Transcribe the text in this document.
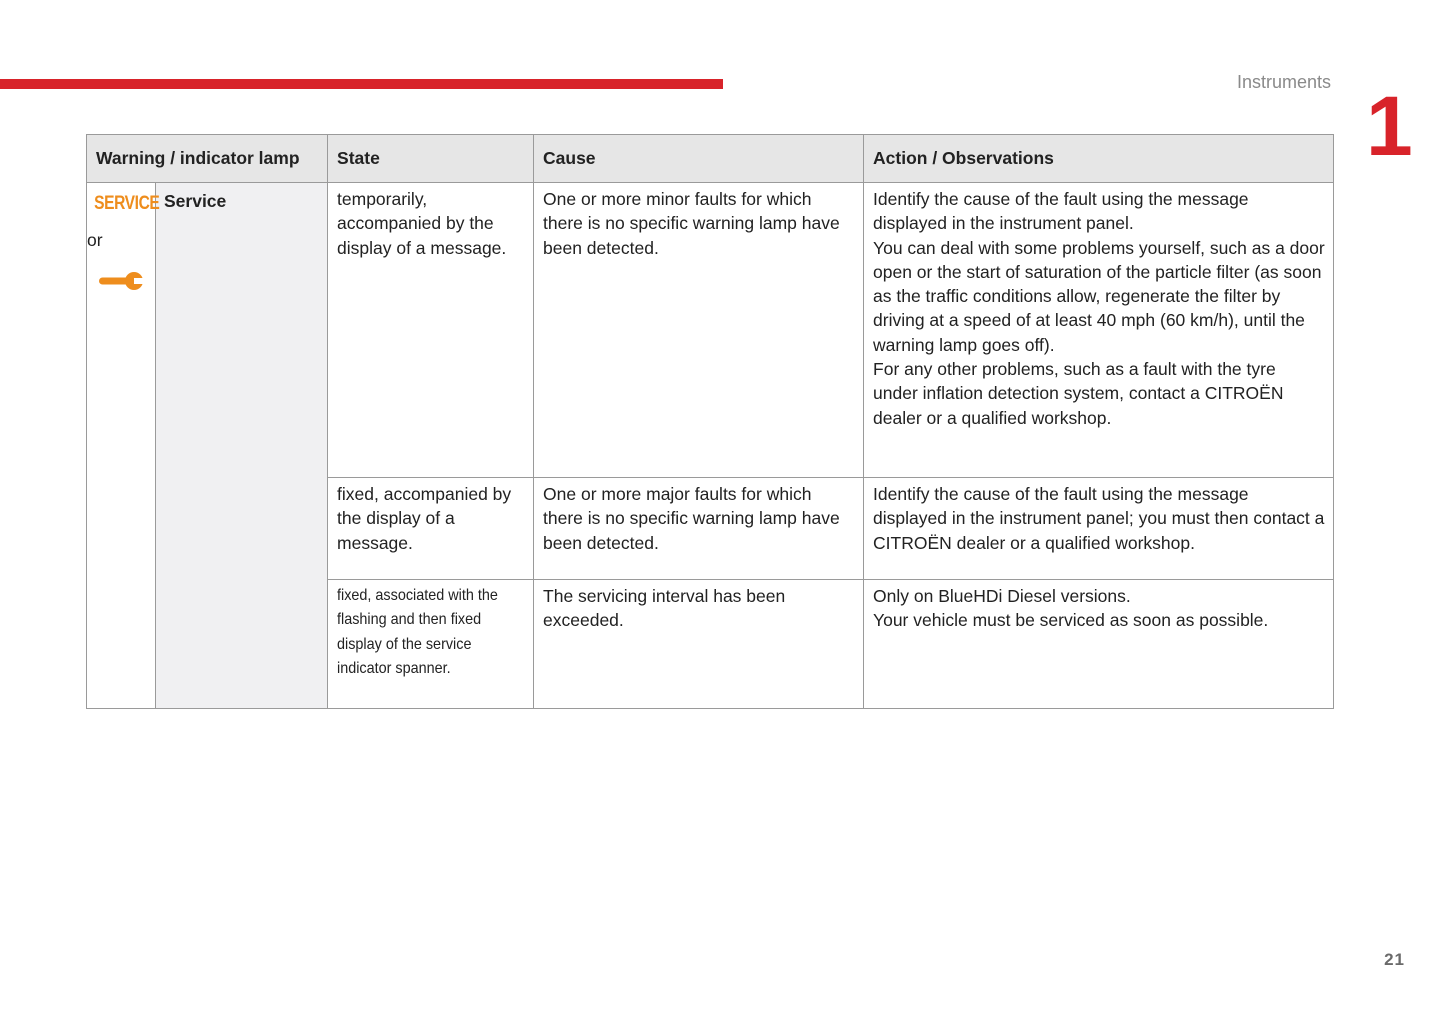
Instruments 1
Warning / indicator lamp		State	Cause	Action / Observations
SERVICE
or	Service	temporarily, accompanied by the display of a message.	One or more minor faults for which there is no specific warning lamp have been detected.	Identify the cause of the fault using the message displayed in the instrument panel.
You can deal with some problems yourself, such as a door open or the start of saturation of the particle filter (as soon as the traffic conditions allow, regenerate the filter by driving at a speed of at least 40 mph (60 km/h), until the warning lamp goes off).
For any other problems, such as a fault with the tyre under inflation detection system, contact a CITROËN dealer or a qualified workshop.

		fixed, accompanied by the display of a message.	One or more major faults for which there is no specific warning lamp have been detected.	Identify the cause of the fault using the message displayed in the instrument panel; you must then contact a CITROËN dealer or a qualified workshop.

		fixed, associated with the flashing and then fixed display of the service indicator spanner.	The servicing interval has been exceeded.	Only on BlueHDi Diesel versions.
Your vehicle must be serviced as soon as possible.
21
